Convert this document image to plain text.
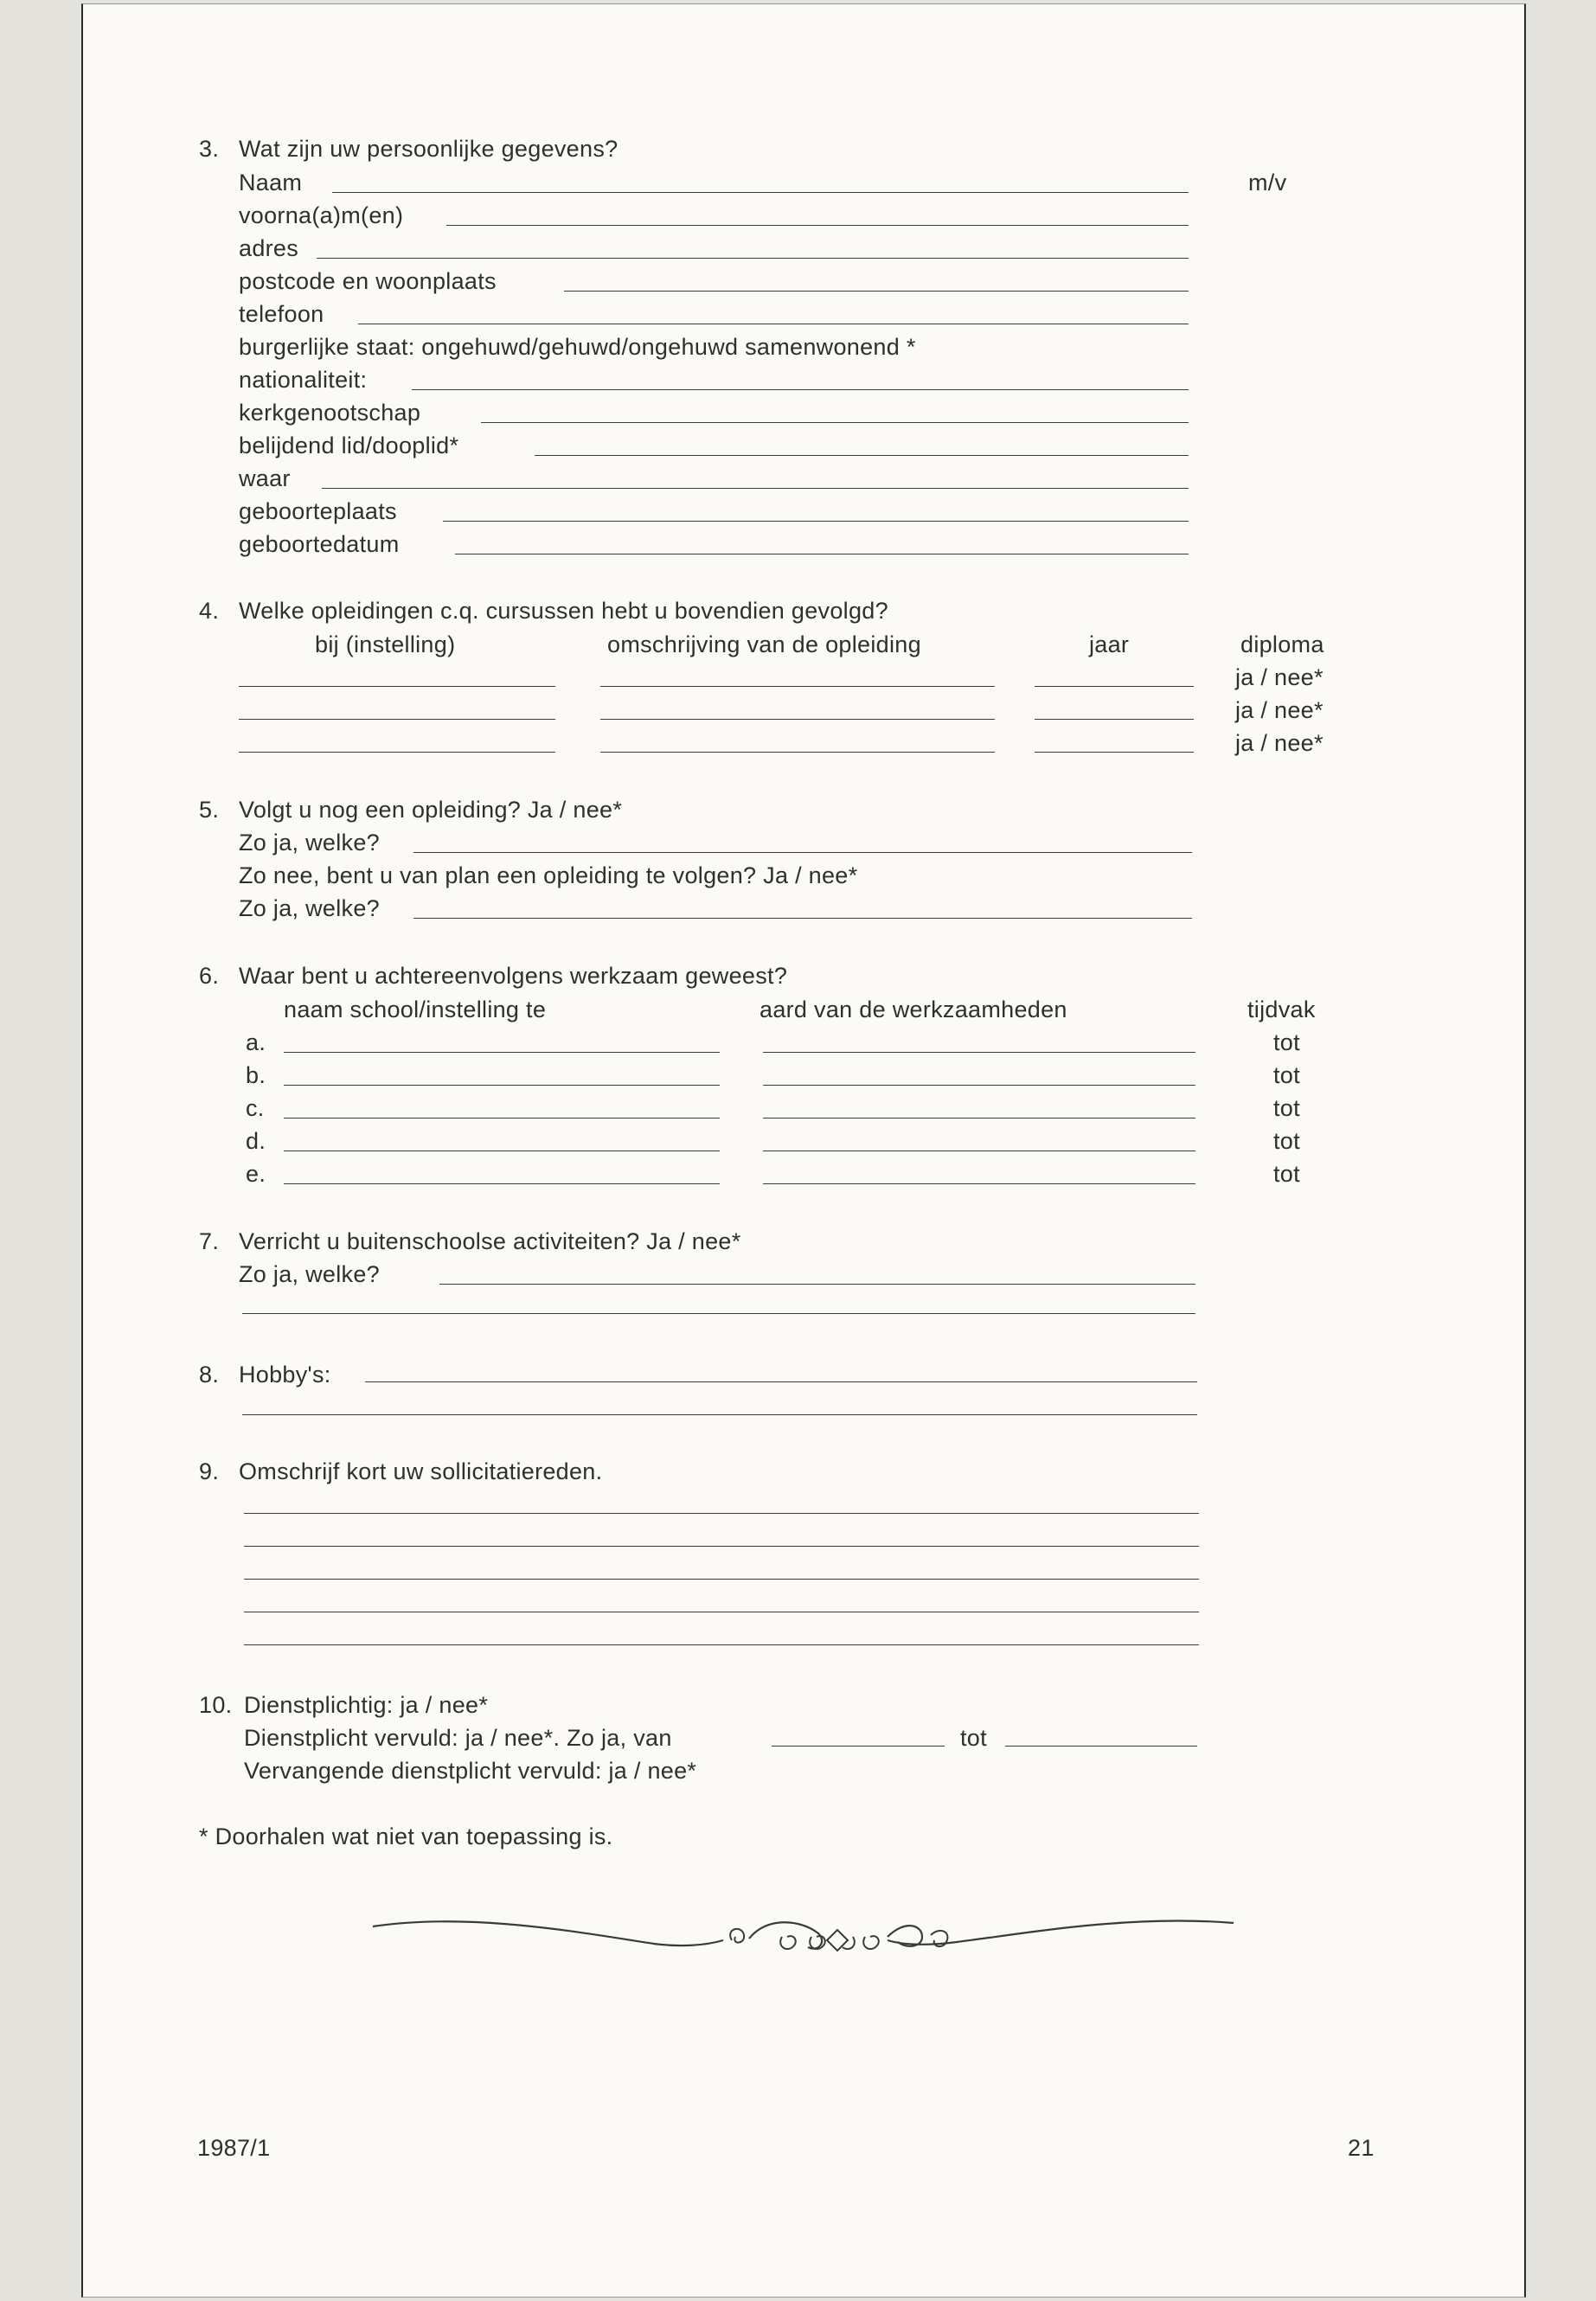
3. Wat zijn uw persoonlijke gegevens?
Naam	m/v
voorna(a)m(en)
adres
postcode en woonplaats
telefoon
burgerlijke staat: ongehuwd/gehuwd/ongehuwd samenwonend *
nationaliteit:
kerkgenootschap
belijdend lid/dooplid*
waar
geboorteplaats
geboortedatum
4. Welke opleidingen c.q. cursussen hebt u bovendien gevolgd?
bij (instelling)	omschrijving van de opleiding	jaar	diploma
ja / nee*
ja / nee*
ja / nee*
5. Volgt u nog een opleiding? Ja / nee*
Zo ja, welke?
Zo nee, bent u van plan een opleiding te volgen? Ja / nee*
Zo ja, welke?
6. Waar bent u achtereenvolgens werkzaam geweest?
naam school/instelling te	aard van de werkzaamheden	tijdvak
a.	tot
b.	tot
c.	tot
d.	tot
e.	tot
7. Verricht u buitenschoolse activiteiten? Ja / nee*
Zo ja, welke?
8. Hobby's:
9. Omschrijf kort uw sollicitatiereden.
10. Dienstplichtig: ja / nee*
Dienstplicht vervuld: ja / nee*. Zo ja, van	tot
Vervangende dienstplicht vervuld: ja / nee*
* Doorhalen wat niet van toepassing is.
1987/1	21
